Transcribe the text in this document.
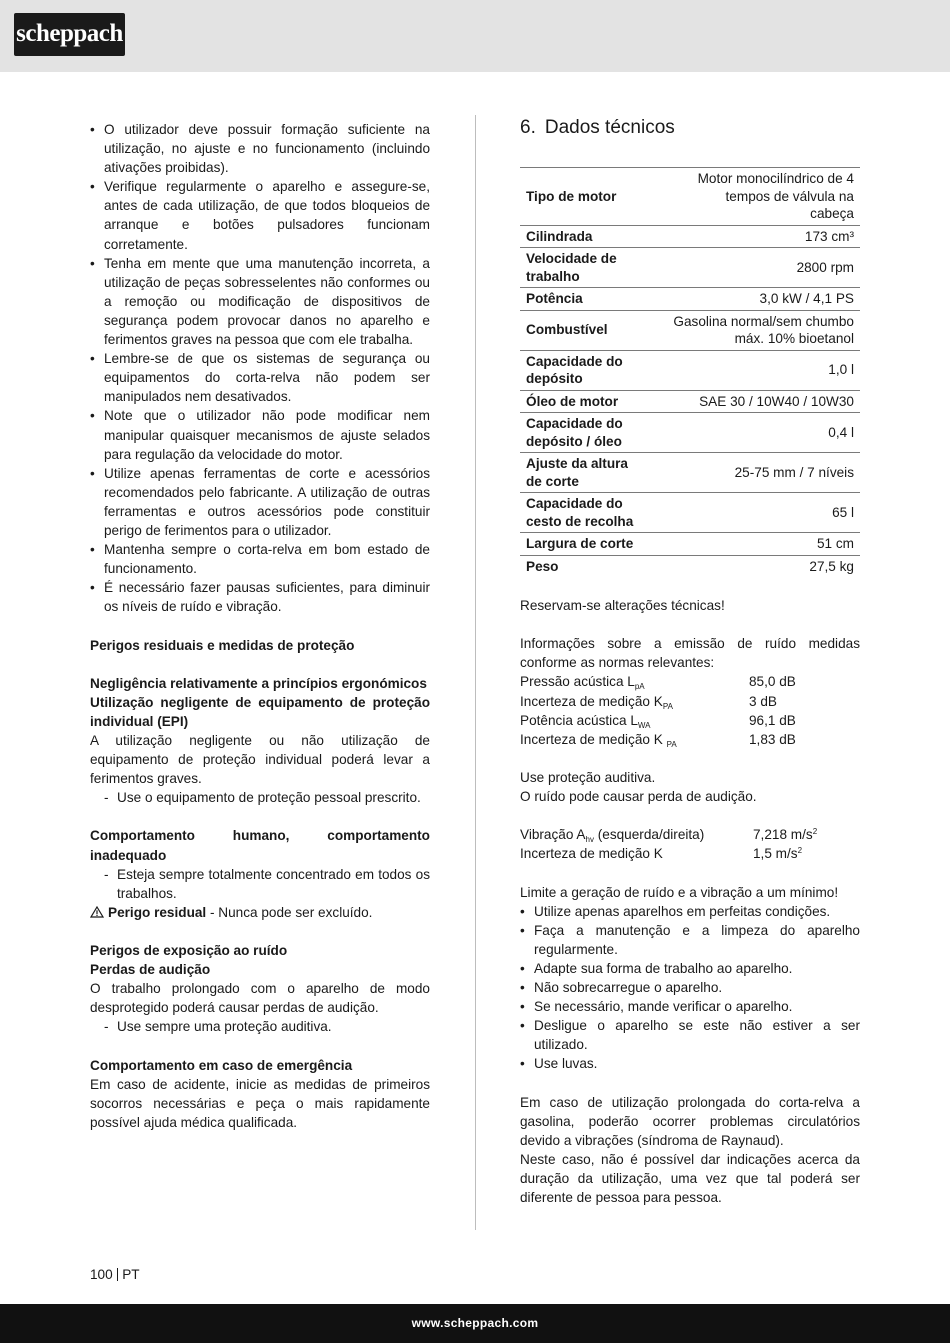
scheppach
• O utilizador deve possuir formação suficiente na utilização, no ajuste e no funcionamento (incluindo ativações proibidas).
• Verifique regularmente o aparelho e assegure-se, antes de cada utilização, de que todos bloqueios de arranque e botões pulsadores funcionam corretamente.
• Tenha em mente que uma manutenção incorreta, a utilização de peças sobresselentes não conformes ou a remoção ou modificação de dispositivos de segurança podem provocar danos no aparelho e ferimentos graves na pessoa que com ele trabalha.
• Lembre-se de que os sistemas de segurança ou equipamentos do corta-relva não podem ser manipulados nem desativados.
• Note que o utilizador não pode modificar nem manipular quaisquer mecanismos de ajuste selados para regulação da velocidade do motor.
• Utilize apenas ferramentas de corte e acessórios recomendados pelo fabricante. A utilização de outras ferramentas e outros acessórios pode constituir perigo de ferimentos para o utilizador.
• Mantenha sempre o corta-relva em bom estado de funcionamento.
• É necessário fazer pausas suficientes, para diminuir os níveis de ruído e vibração.

Perigos residuais e medidas de proteção

Negligência relativamente a princípios ergonómicos

Utilização negligente de equipamento de proteção individual (EPI)

A utilização negligente ou não utilização de equipamento de proteção individual poderá levar a ferimentos graves.

- Use o equipamento de proteção pessoal prescrito.

Comportamento humano, comportamento inadequado

- Esteja sempre totalmente concentrado em todos os trabalhos.

Perigo residual - Nunca pode ser excluído.

Perigos de exposição ao ruído

Perdas de audição

O trabalho prolongado com o aparelho de modo desprotegido poderá causar perdas de audição.

- Use sempre uma proteção auditiva.

Comportamento em caso de emergência

Em caso de acidente, inicie as medidas de primeiros socorros necessárias e peça o mais rapidamente possível ajuda médica qualificada.

6. Dados técnicos
Tipo de motor	Motor monocilíndrico de 4 tempos de válvula na cabeça
Cilindrada	173 cm³
Velocidade de trabalho	2800 rpm
Potência	3,0 kW / 4,1 PS
Combustível	Gasolina normal/sem chumbo máx. 10% bioetanol
Capacidade do depósito	1,0 l
Óleo de motor	SAE 30 / 10W40 / 10W30
Capacidade do depósito / óleo	0,4 l
Ajuste da altura de corte	25-75 mm / 7 níveis
Capacidade do cesto de recolha	65 l
Largura de corte	51 cm
Peso	27,5 kg

Reservam-se alterações técnicas!

Informações sobre a emissão de ruído medidas conforme as normas relevantes:

Pressão acústica $L_{pA}$	85,0 dB
Incerteza de medição $K_{PA}$	3 dB
Potência acústica $L_{WA}$	96,1 dB
Incerteza de medição K $_{PA}$	1,83 dB

Use proteção auditiva.

O ruído pode causar perda de audição.

Vibração $A_{hv}$ (esquerda/direita)	7,218 $m/s^2$
Incerteza de medição K	1,5 $m/s^2$

Limite a geração de ruído e a vibração a um mínimo!

• Utilize apenas aparelhos em perfeitas condições.
• Faça a manutenção e a limpeza do aparelho regularmente.
• Adapte sua forma de trabalho ao aparelho.
• Não sobrecarregue o aparelho.
• Se necessário, mande verificar o aparelho.
• Desligue o aparelho se este não estiver a ser utilizado.
• Use luvas.

Em caso de utilização prolongada do corta-relva a gasolina, poderão ocorrer problemas circulatórios devido a vibrações (síndroma de Raynaud).

Neste caso, não é possível dar indicações acerca da duração da utilização, uma vez que tal poderá ser diferente de pessoa para pessoa.

100 PT
www.scheppach.com
